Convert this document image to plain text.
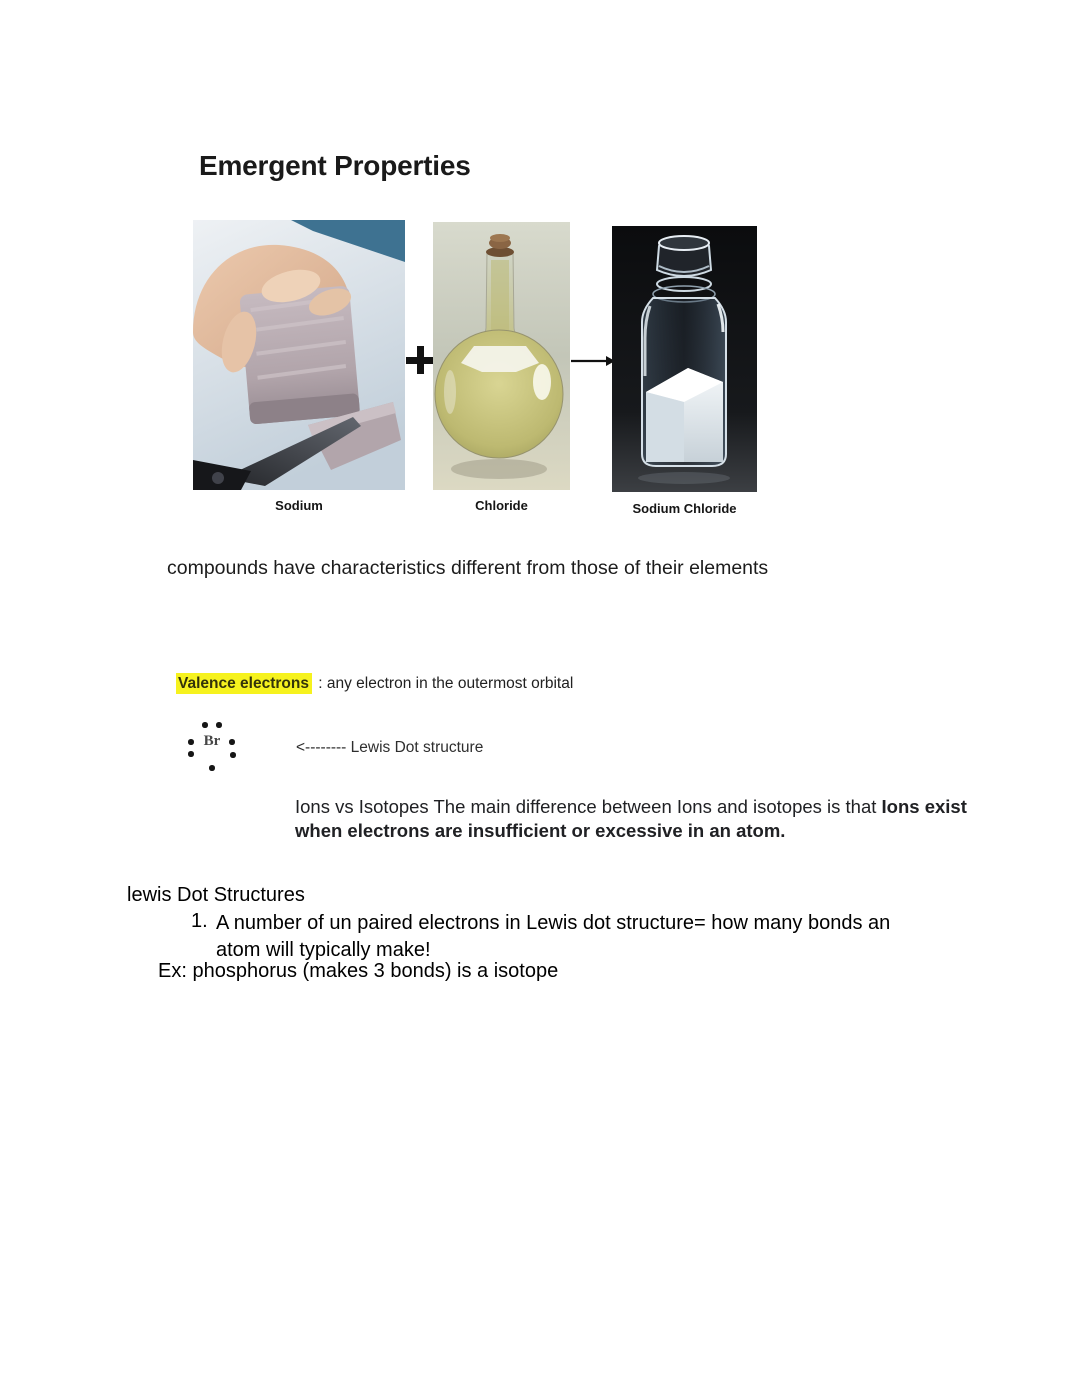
Emergent Properties
Sodium	Chloride	Sodium Chloride
compounds have characteristics different from those of their elements
Valence electrons : any electron in the outermost orbital
Br	<-------- Lewis Dot structure
Ions vs Isotopes The main difference between Ions and isotopes is that Ions exist when electrons are insufficient or excessive in an atom.
lewis Dot Structures
1. A number of un paired electrons in Lewis dot structure= how many bonds an atom will typically make!
Ex: phosphorus (makes 3 bonds) is a isotope
